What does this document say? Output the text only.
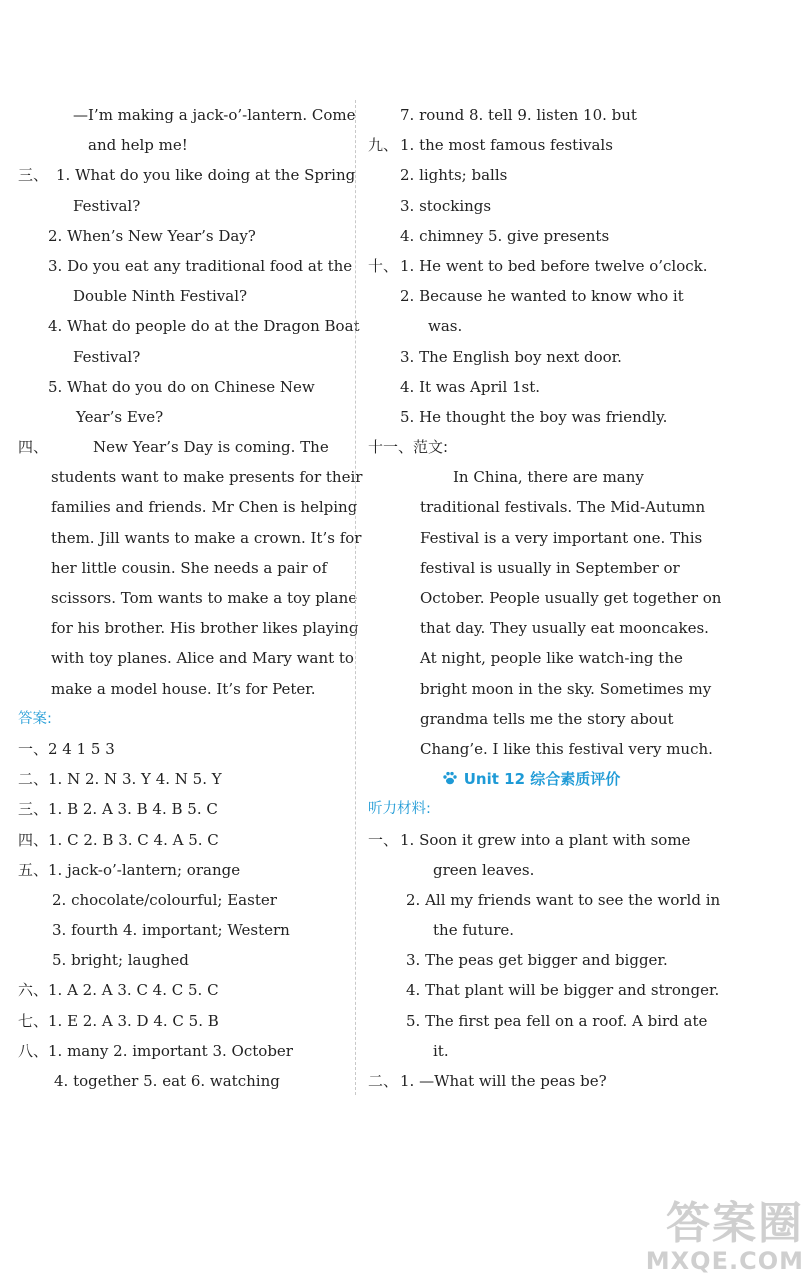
—I’m making a jack-o’-lantern. Come
and help me!
三、 1. What do you like doing at the Spring
Festival?
2. When’s New Year’s Day?
3. Do you eat any traditional food at the
Double Ninth Festival?
4. What do people do at the Dragon Boat
Festival?
5. What do you do on Chinese New
Year’s Eve?
四、	New Year’s Day is coming. The
students want to make presents for their
families and friends. Mr Chen is helping
them. Jill wants to make a crown. It’s for
her little cousin. She needs a pair of
scissors. Tom wants to make a toy plane
for his brother. His brother likes playing
with toy planes. Alice and Mary want to
make a model house. It’s for Peter.
答案:
一、2 4 1 5 3
二、1. N 2. N 3. Y 4. N 5. Y
三、1. B 2. A 3. B 4. B 5. C
四、1. C 2. B 3. C 4. A 5. C
五、1. jack-o’-lantern; orange
2. chocolate/colourful; Easter
3. fourth 4. important; Western
5. bright; laughed
六、1. A 2. A 3. C 4. C 5. C
七、1. E 2. A 3. D 4. C 5. B
八、1. many 2. important 3. October
4. together 5. eat 6. watching
7. round 8. tell 9. listen 10. but
九、 1. the most famous festivals
2. lights; balls
3. stockings
4. chimney 5. give presents
十、 1. He went to bed before twelve o’clock.
2. Because he wanted to know who it
was.
3. The English boy next door.
4. It was April 1st.
5. He thought the boy was friendly.
十一、范文:
In China, there are many
traditional festivals. The Mid-Autumn
Festival is a very important one. This
festival is usually in September or
October. People usually get together on
that day. They usually eat mooncakes.
At night, people like watch-ing the
bright moon in the sky. Sometimes my
grandma tells me the story about
Chang’e. I like this festival very much.
Unit 12 综合素质评价
听力材料:
一、 1. Soon it grew into a plant with some
green leaves.
2. All my friends want to see the world in
the future.
3. The peas get bigger and bigger.
4. That plant will be bigger and stronger.
5. The first pea fell on a roof. A bird ate
it.
二、 1. —What will the peas be?
答案圈
MXQE.COM
